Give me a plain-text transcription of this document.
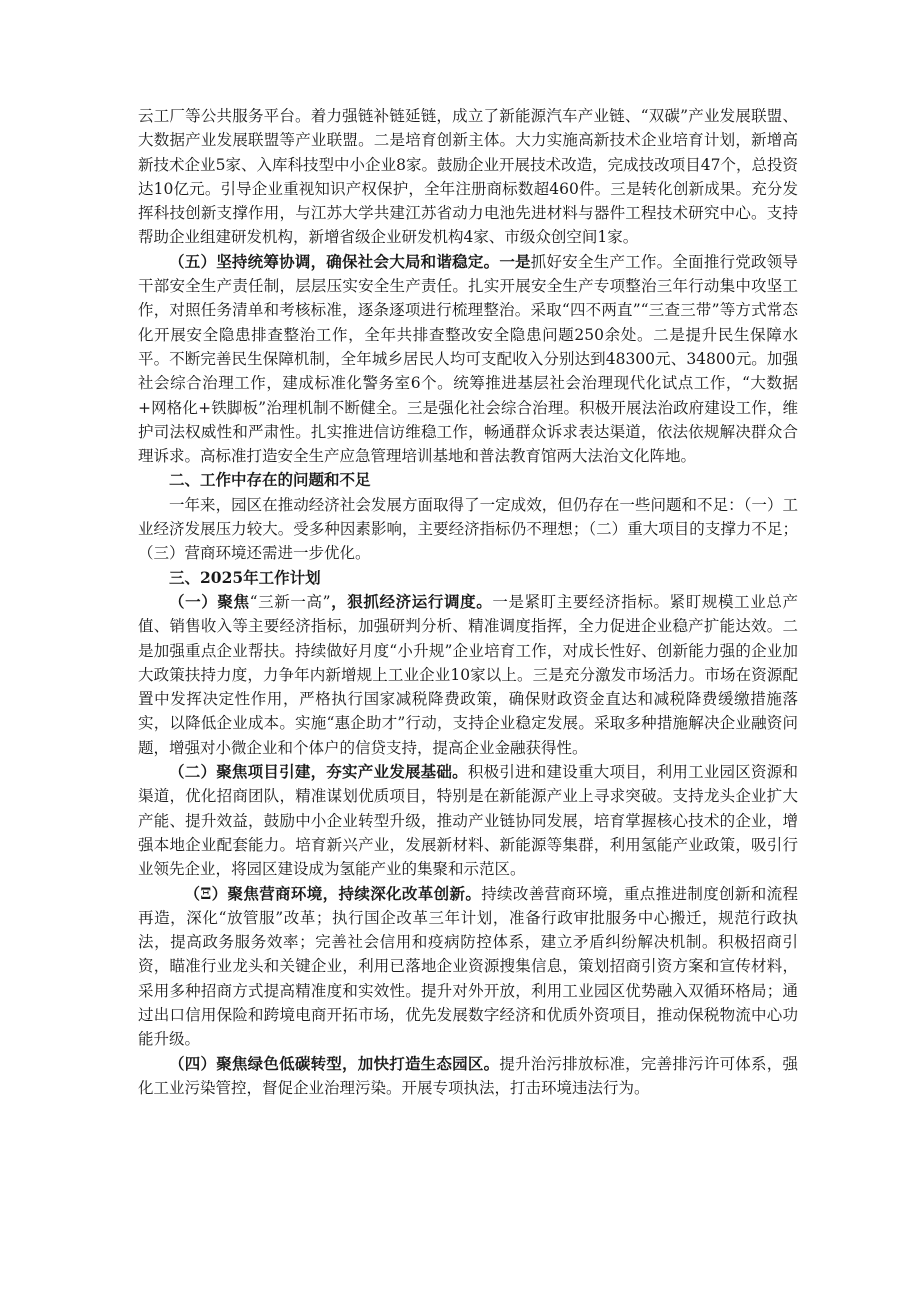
云工厂等公共服务平台。着力强链补链延链，成立了新能源汽车产业链、“双碳”产业发展联盟、大数据产业发展联盟等产业联盟。二是培育创新主体。大力实施高新技术企业培育计划，新增高新技术企业5家、入库科技型中小企业8家。鼓励企业开展技术改造，完成技改项目47个，总投资达10亿元。引导企业重视知识产权保护，全年注册商标数超460件。三是转化创新成果。充分发挥科技创新支撑作用，与江苏大学共建江苏省动力电池先进材料与器件工程技术研究中心。支持帮助企业组建研发机构，新增省级企业研发机构4家、市级众创空间1家。

（五）坚持统筹协调，确保社会大局和谐稳定。一是抓好安全生产工作。全面推行党政领导干部安全生产责任制，层层压实安全生产责任。扎实开展安全生产专项整治三年行动集中攻坚工作，对照任务清单和考核标准，逐条逐项进行梳理整治。采取“四不两直”“三查三带”等方式常态化开展安全隐患排查整治工作，全年共排查整改安全隐患问题250余处。二是提升民生保障水平。不断完善民生保障机制，全年城乡居民人均可支配收入分别达到48300元、34800元。加强社会综合治理工作，建成标准化警务室6个。统筹推进基层社会治理现代化试点工作，“大数据+网格化+铁脚板”治理机制不断健全。三是强化社会综合治理。积极开展法治政府建设工作，维护司法权威性和严肃性。扎实推进信访维稳工作，畅通群众诉求表达渠道，依法依规解决群众合理诉求。高标准打造安全生产应急管理培训基地和普法教育馆两大法治文化阵地。

二、工作中存在的问题和不足

一年来，园区在推动经济社会发展方面取得了一定成效，但仍存在一些问题和不足：（一）工业经济发展压力较大。受多种因素影响，主要经济指标仍不理想；（二）重大项目的支撑力不足；（三）营商环境还需进一步优化。

三、2025年工作计划

（一）聚焦“三新一高”，狠抓经济运行调度。一是紧盯主要经济指标。紧盯规模工业总产值、销售收入等主要经济指标，加强研判分析、精准调度指挥，全力促进企业稳产扩能达效。二是加强重点企业帮扶。持续做好月度“小升规”企业培育工作，对成长性好、创新能力强的企业加大政策扶持力度，力争年内新增规上工业企业10家以上。三是充分激发市场活力。市场在资源配置中发挥决定性作用，严格执行国家减税降费政策，确保财政资金直达和减税降费缓缴措施落实，以降低企业成本。实施“惠企助才”行动，支持企业稳定发展。采取多种措施解决企业融资问题，增强对小微企业和个体户的信贷支持，提高企业金融获得性。

（二）聚焦项目引建，夯实产业发展基础。积极引进和建设重大项目，利用工业园区资源和渠道，优化招商团队，精准谋划优质项目，特别是在新能源产业上寻求突破。支持龙头企业扩大产能、提升效益，鼓励中小企业转型升级，推动产业链协同发展，培育掌握核心技术的企业，增强本地企业配套能力。培育新兴产业，发展新材料、新能源等集群，利用氢能产业政策，吸引行业领先企业，将园区建设成为氢能产业的集聚和示范区。

（Ξ）聚焦营商环境，持续深化改革创新。持续改善营商环境，重点推进制度创新和流程再造，深化“放管服”改革；执行国企改革三年计划，准备行政审批服务中心搬迁，规范行政执法，提高政务服务效率；完善社会信用和疫病防控体系，建立矛盾纠纷解决机制。积极招商引资，瞄准行业龙头和关键企业，利用已落地企业资源搜集信息，策划招商引资方案和宣传材料，采用多种招商方式提高精准度和实效性。提升对外开放，利用工业园区优势融入双循环格局；通过出口信用保险和跨境电商开拓市场，优先发展数字经济和优质外资项目，推动保税物流中心功能升级。

（四）聚焦绿色低碳转型，加快打造生态园区。提升治污排放标准，完善排污许可体系，强化工业污染管控，督促企业治理污染。开展专项执法，打击环境违法行为。
